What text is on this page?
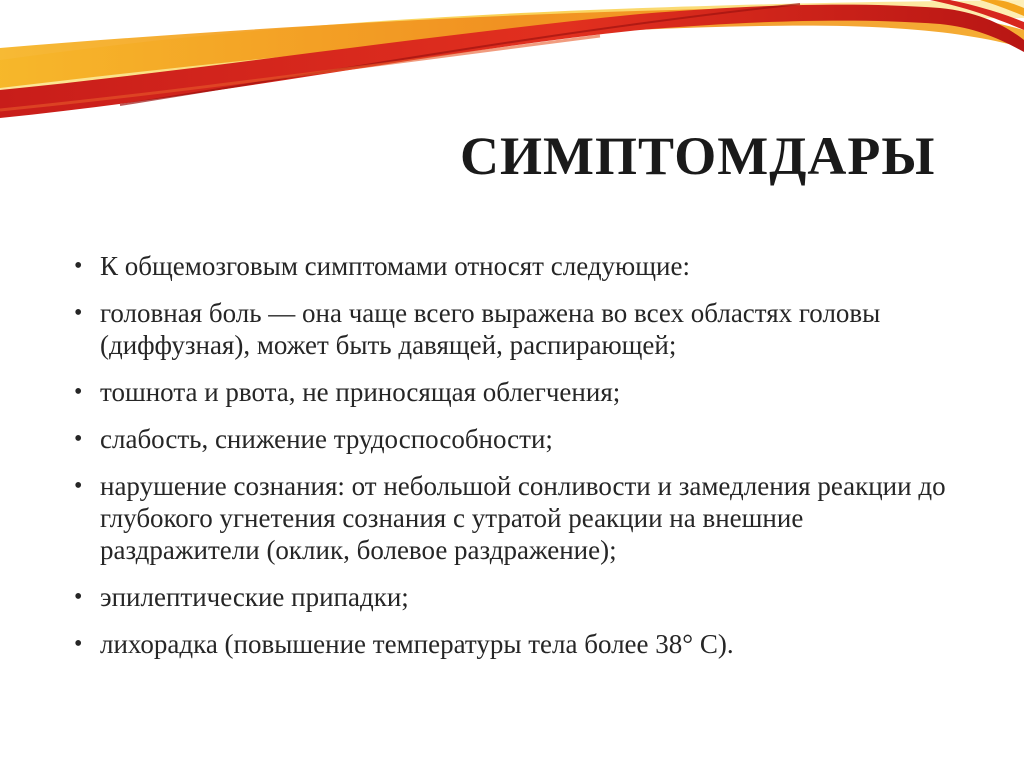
СИМПТОМДАРЫ
• К общемозговым симптомами относят следующие:
• головная боль — она чаще всего выражена во всех областях головы (диффузная), может быть давящей, распирающей;
• тошнота и рвота, не приносящая облегчения;
• слабость, снижение трудоспособности;
• нарушение сознания: от небольшой сонливости и замедления реакции до глубокого угнетения сознания с утратой реакции на внешние раздражители (оклик, болевое раздражение);
• эпилептические припадки;
• лихорадка (повышение температуры тела более 38° С).
